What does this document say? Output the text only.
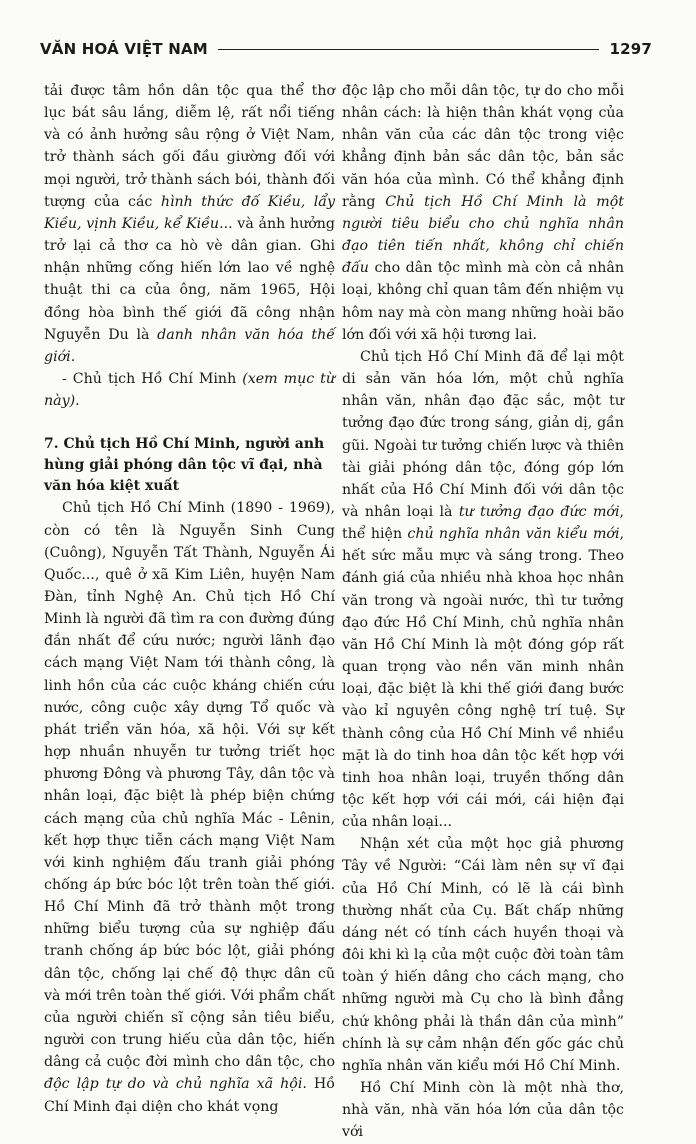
VĂN HOÁ VIỆT NAM	1297

tải được tâm hồn dân tộc qua thể thơ lục bát sâu lắng, diễm lệ, rất nổi tiếng và có ảnh hưởng sâu rộng ở Việt Nam, trở thành sách gối đầu giường đối với mọi người, trở thành sách bói, thành đối tượng của các hình thức đố Kiều, lẩy Kiều, vịnh Kiều, kể Kiều... và ảnh hưởng trở lại cả thơ ca hò vè dân gian. Ghi nhận những cống hiến lớn lao về nghệ thuật thi ca của ông, năm 1965, Hội đồng hòa bình thế giới đã công nhận Nguyễn Du là danh nhân văn hóa thế giới.

- Chủ tịch Hồ Chí Minh (xem mục từ này).

7. Chủ tịch Hồ Chí Minh, người anh hùng giải phóng dân tộc vĩ đại, nhà văn hóa kiệt xuất

Chủ tịch Hồ Chí Minh (1890 - 1969), còn có tên là Nguyễn Sinh Cung (Cuông), Nguyễn Tất Thành, Nguyễn Ái Quốc..., quê ở xã Kim Liên, huyện Nam Đàn, tỉnh Nghệ An. Chủ tịch Hồ Chí Minh là người đã tìm ra con đường đúng đắn nhất để cứu nước; người lãnh đạo cách mạng Việt Nam tới thành công, là linh hồn của các cuộc kháng chiến cứu nước, công cuộc xây dựng Tổ quốc và phát triển văn hóa, xã hội. Với sự kết hợp nhuần nhuyễn tư tưởng triết học phương Đông và phương Tây, dân tộc và nhân loại, đặc biệt là phép biện chứng cách mạng của chủ nghĩa Mác - Lênin, kết hợp thực tiễn cách mạng Việt Nam với kinh nghiệm đấu tranh giải phóng chống áp bức bóc lột trên toàn thế giới. Hồ Chí Minh đã trở thành một trong những biểu tượng của sự nghiệp đấu tranh chống áp bức bóc lột, giải phóng dân tộc, chống lại chế độ thực dân cũ và mới trên toàn thế giới. Với phẩm chất của người chiến sĩ cộng sản tiêu biểu, người con trung hiếu của dân tộc, hiến dâng cả cuộc đời mình cho dân tộc, cho độc lập tự do và chủ nghĩa xã hội. Hồ Chí Minh đại diện cho khát vọng

độc lập cho mỗi dân tộc, tự do cho mỗi nhân cách: là hiện thân khát vọng của nhân văn của các dân tộc trong việc khẳng định bản sắc dân tộc, bản sắc văn hóa của mình. Có thể khẳng định rằng Chủ tịch Hồ Chí Minh là một người tiêu biểu cho chủ nghĩa nhân đạo tiên tiến nhất, không chỉ chiến đấu cho dân tộc mình mà còn cả nhân loại, không chỉ quan tâm đến nhiệm vụ hôm nay mà còn mang những hoài bão lớn đối với xã hội tương lai.

Chủ tịch Hồ Chí Minh đã để lại một di sản văn hóa lớn, một chủ nghĩa nhân văn, nhân đạo đặc sắc, một tư tưởng đạo đức trong sáng, giản dị, gần gũi. Ngoài tư tưởng chiến lược và thiên tài giải phóng dân tộc, đóng góp lớn nhất của Hồ Chí Minh đối với dân tộc và nhân loại là tư tưởng đạo đức mới, thể hiện chủ nghĩa nhân văn kiểu mới, hết sức mẫu mực và sáng trong. Theo đánh giá của nhiều nhà khoa học nhân văn trong và ngoài nước, thì tư tưởng đạo đức Hồ Chí Minh, chủ nghĩa nhân văn Hồ Chí Minh là một đóng góp rất quan trọng vào nền văn minh nhân loại, đặc biệt là khi thế giới đang bước vào kỉ nguyên công nghệ trí tuệ. Sự thành công của Hồ Chí Minh về nhiều mặt là do tinh hoa dân tộc kết hợp với tinh hoa nhân loại, truyền thống dân tộc kết hợp với cái mới, cái hiện đại của nhân loại...

Nhận xét của một học giả phương Tây về Người: “Cái làm nên sự vĩ đại của Hồ Chí Minh, có lẽ là cái bình thường nhất của Cụ. Bất chấp những dáng nét có tính cách huyền thoại và đôi khi kì lạ của một cuộc đời toàn tâm toàn ý hiến dâng cho cách mạng, cho những người mà Cụ cho là bình đẳng chứ không phải là thần dân của mình” chính là sự cảm nhận đến gốc gác chủ nghĩa nhân văn kiểu mới Hồ Chí Minh.

Hồ Chí Minh còn là một nhà thơ, nhà văn, nhà văn hóa lớn của dân tộc với
